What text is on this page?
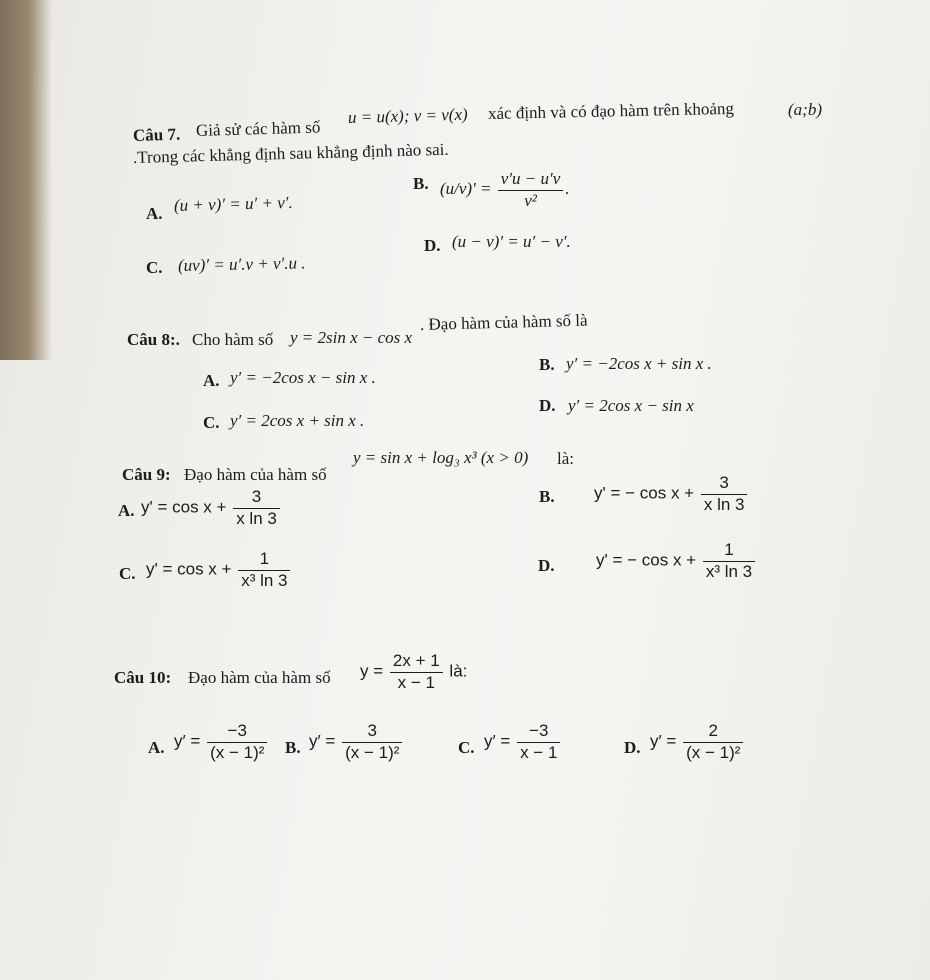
Câu 7. Giả sử các hàm số
u = u(x); v = v(x) xác định và có đạo hàm trên khoảng	(a;b)
.Trong các khẳng định sau khẳng định nào sai.
A. (u + v)′ = u′ + v′.
B. $(u/v)' = \frac{v'u - u'v}{\text{v²}}$ .
C. (uv)′ = u′.v + v′.u .
D. (u − v)′ = u′ − v′.
Câu 8:. Cho hàm số y = 2sin x − cos x
. Đạo hàm của hàm số là
A. y′ = −2cos x − sin x .
B. y′ = −2cos x + sin x .
C. y′ = 2cos x + sin x .
D. y′ = 2cos x − sin x
Câu 9: Đạo hàm của hàm số
y = sin x + log₃ x³ (x > 0) là:
A. $y' = \cos x + \frac{3}{\text{x ln 3}}$	B. y' = − $\cos x + \frac{3}{\text{x ln 3}}$
C. $y' = \cos x + \frac{1}{\text{x³ ln 3}}$	D. y' = − $\cos x + \frac{1}{\text{x³ ln 3}}$
Câu 10: Đạo hàm của hàm số $y = \frac{2x + 1}{x - 1}$ là:
A. $y' = \frac{-3}{\text{(x − 1)²}} B$. $y' = \frac{3}{\text{(x − 1)²}}$	C. $y' = \frac{-3}{x - 1}$	D. $y' = \frac{2}{\text{(x − 1)²}}$
